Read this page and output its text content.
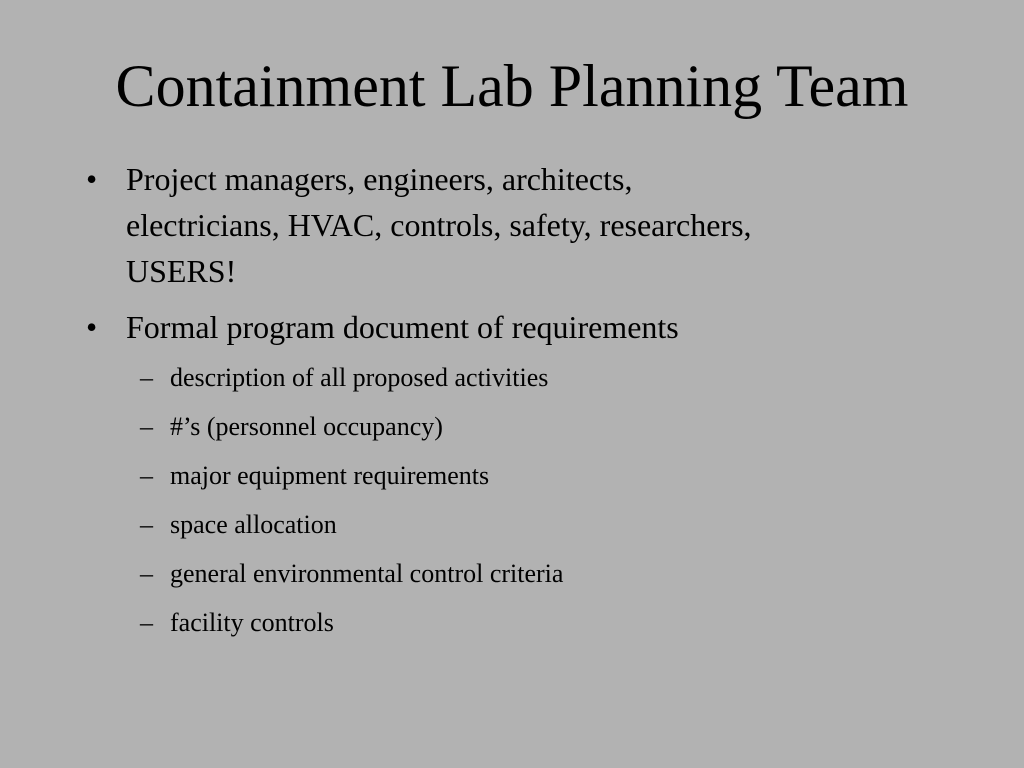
Containment Lab Planning Team
• Project managers, engineers, architects,
electricians, HVAC, controls, safety, researchers,
USERS!
• Formal program document of requirements
– description of all proposed activities
– #’s (personnel occupancy)
– major equipment requirements
– space allocation
– general environmental control criteria
– facility controls
